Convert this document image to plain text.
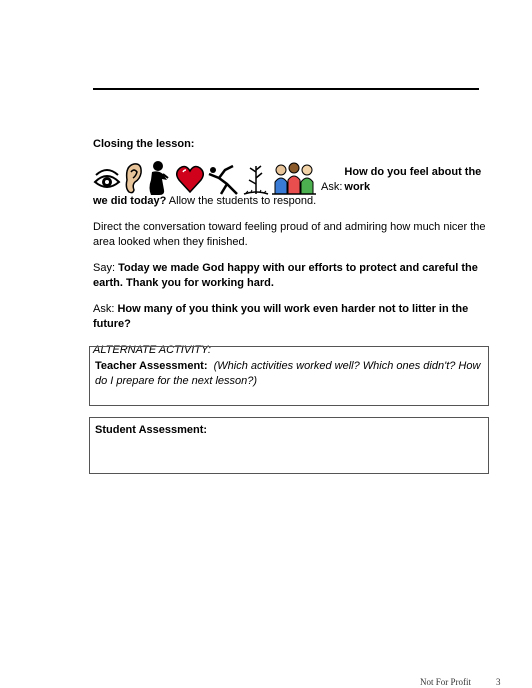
Closing the lesson:

Ask:
How do you feel about the work

we did today? Allow the students to respond.

Direct the conversation toward feeling proud of and admiring how much nicer the area looked when they finished.

Say: Today we made God happy with our efforts to protect and careful the earth. Thank you for working hard.

Ask: How many of you think you will work even harder not to litter in the future?

ALTERNATE ACTIVITY:

Teacher Assessment: (Which activities worked well? Which ones didn't? How do I prepare for the next lesson?)
Student Assessment:
Not For Profit	3
